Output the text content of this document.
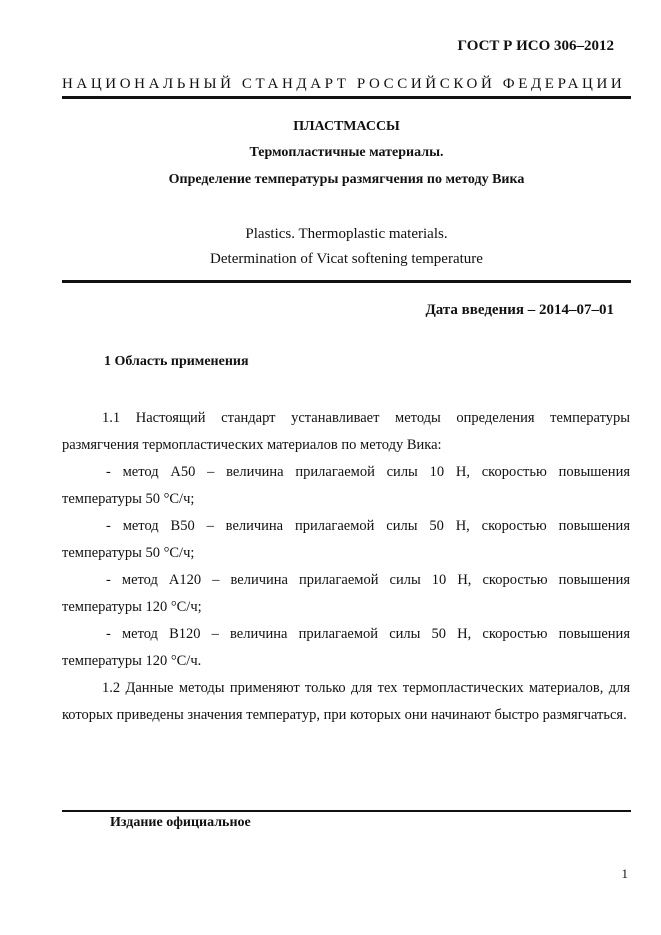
ГОСТ Р ИСО 306–2012
НАЦИОНАЛЬНЫЙ СТАНДАРТ РОССИЙСКОЙ ФЕДЕРАЦИИ
ПЛАСТМАССЫ
Термопластичные материалы.
Определение температуры размягчения по методу Вика
Plastics. Thermoplastic materials.
Determination of Vicat softening temperature
Дата введения – 2014–07–01
1 Область применения

1.1 Настоящий стандарт устанавливает методы определения температуры размягчения термопластических материалов по методу Вика:

- метод А50 – величина прилагаемой силы 10 Н, скоростью повышения температуры 50 °С/ч;

- метод В50 – величина прилагаемой силы 50 Н, скоростью повышения температуры 50 °С/ч;

- метод А120 – величина прилагаемой силы 10 Н, скоростью повышения температуры 120 °С/ч;

- метод В120 – величина прилагаемой силы 50 Н, скоростью повышения температуры 120 °С/ч.

1.2 Данные методы применяют только для тех термопластических материалов, для которых приведены значения температур, при которых они начинают быстро размягчаться.

Издание официальное
1
